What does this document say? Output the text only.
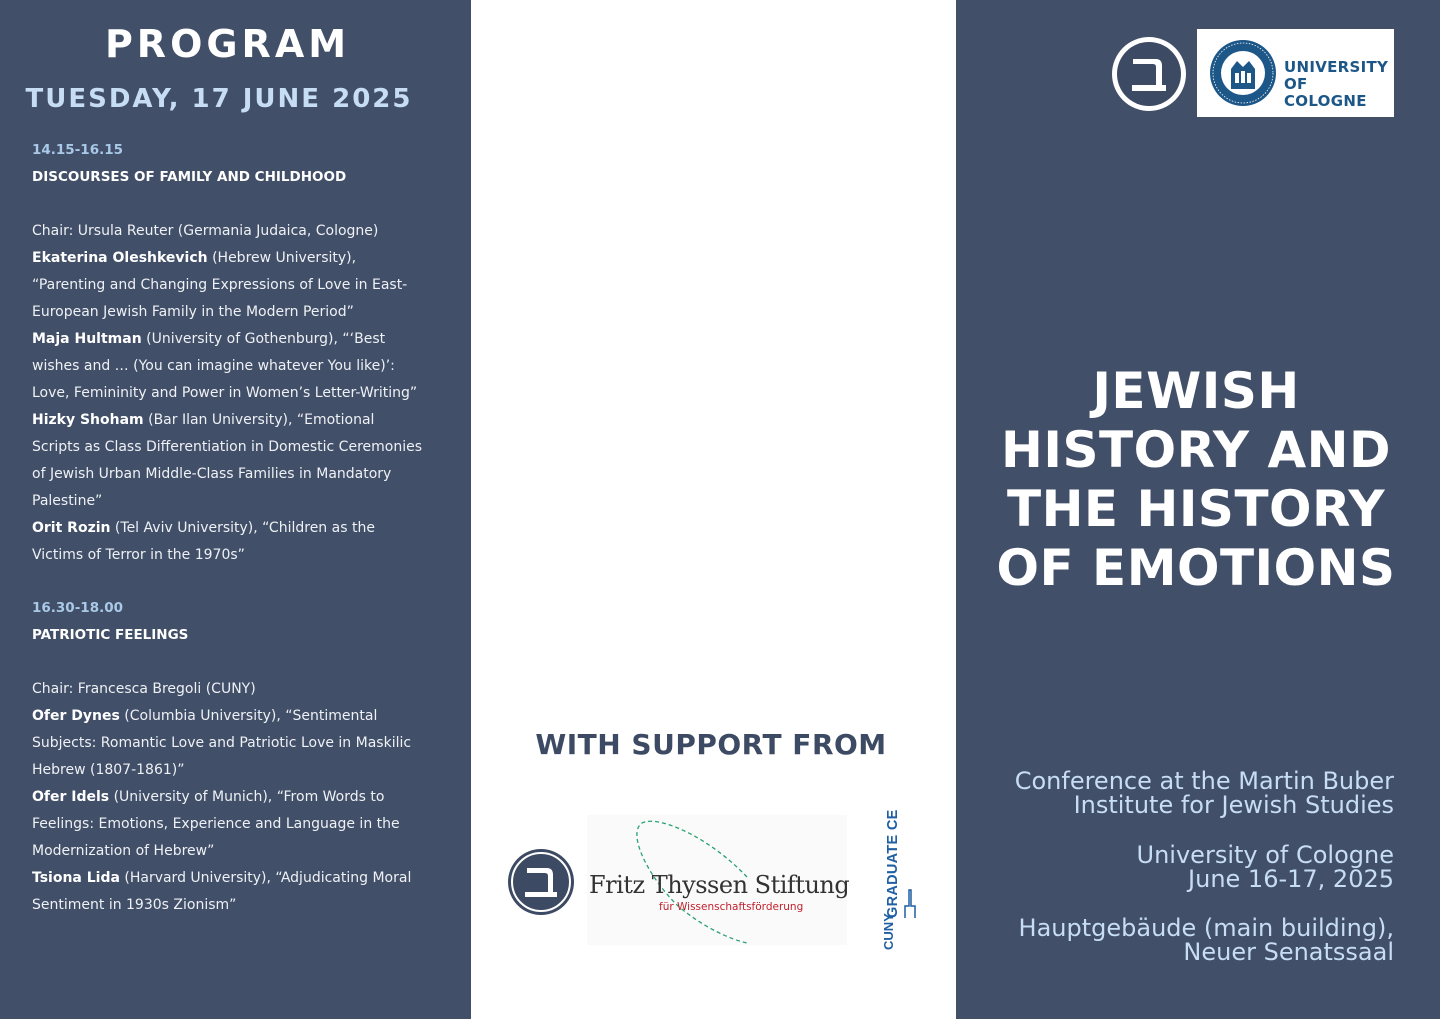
PROGRAM
TUESDAY, 17 JUNE 2025
14.15-16.15
DISCOURSES OF FAMILY AND CHILDHOOD
Chair: Ursula Reuter (Germania Judaica, Cologne)
Ekaterina Oleshkevich (Hebrew University), “Parenting and Changing Expressions of Love in East-European Jewish Family in the Modern Period”
Maja Hultman (University of Gothenburg), “‘Best wishes and … (You can imagine whatever You like)’: Love, Femininity and Power in Women’s Letter-Writing”
Hizky Shoham (Bar Ilan University), “Emotional Scripts as Class Differentiation in Domestic Ceremonies of Jewish Urban Middle-Class Families in Mandatory Palestine”
Orit Rozin (Tel Aviv University), “Children as the Victims of Terror in the 1970s”
16.30-18.00
PATRIOTIC FEELINGS
Chair: Francesca Bregoli (CUNY)
Ofer Dynes (Columbia University), “Sentimental Subjects: Romantic Love and Patriotic Love in Maskilic Hebrew (1807-1861)”
Ofer Idels (University of Munich), “From Words to Feelings: Emotions, Experience and Language in the Modernization of Hebrew”
Tsiona Lida (Harvard University), “Adjudicating Moral Sentiment in 1930s Zionism”
WITH SUPPORT FROM
Fritz Thyssen Stiftung
für Wissenschaftsförderung	GRADUATE CENTER
CUNY
UNIVERSITY
OF COLOGNE
JEWISH
HISTORY AND
THE HISTORY
OF EMOTIONS

Conference at the Martin Buber
Institute for Jewish Studies

University of Cologne
June 16-17, 2025

Hauptgebäude (main building),
Neuer Senatssaal
